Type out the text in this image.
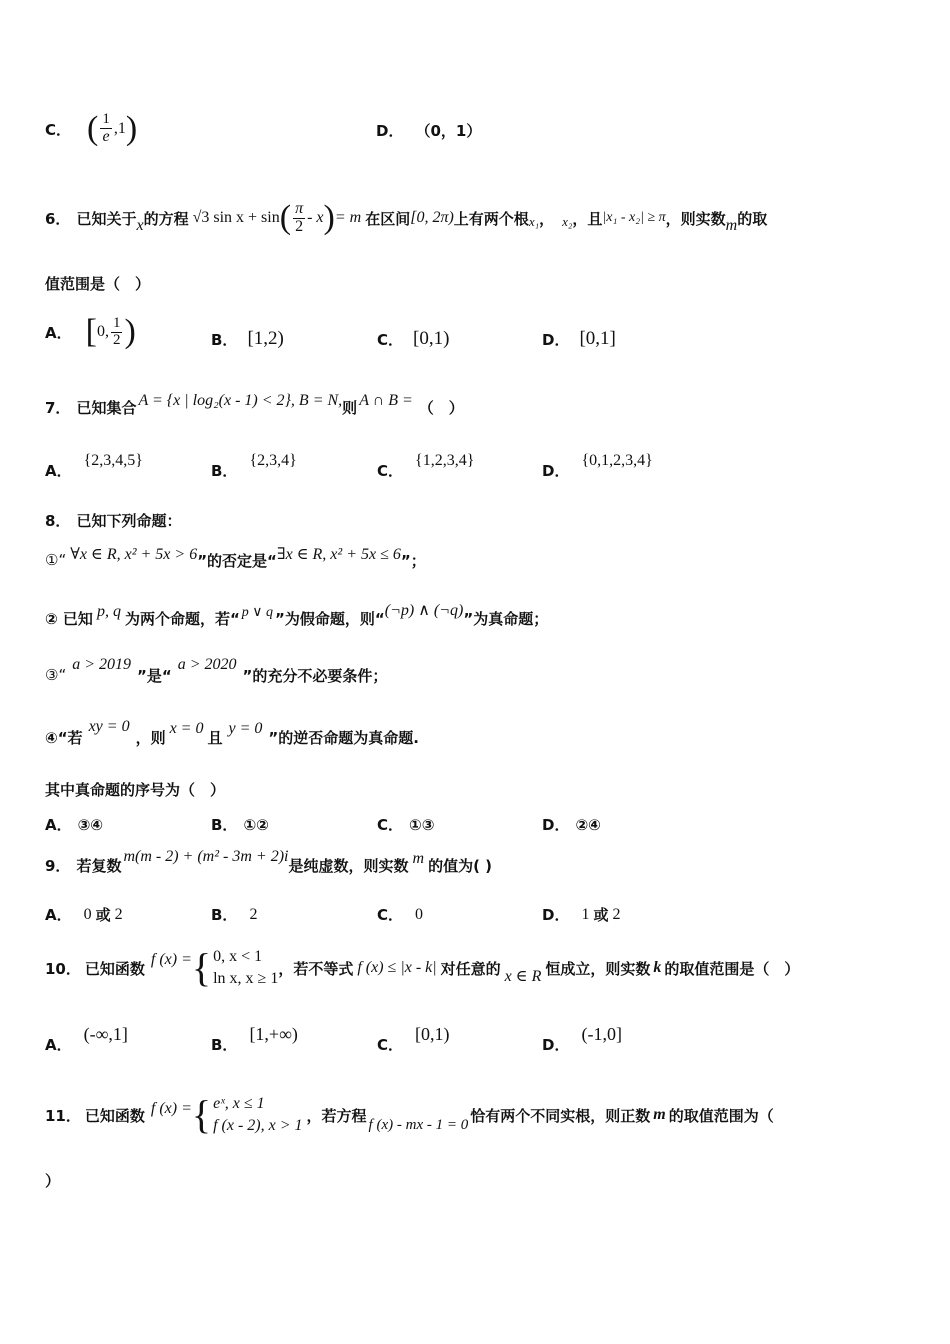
C． ( $\frac{1}{e} ,1$ )	D． （0，1）
6． 已知关于 x 的方程 √3 sin x + sin ( $\frac{\pi}{2}$ - x ) = m 在区间 [0, 2π) 上有两个根 x₁ ， x₂ ，且 |x₁ - x₂| ≥ π ，则实数 m 的取
值范围是（　）
A． [ 0, $\frac{1}{2}$ )	B． [1,2)	C． [0,1)	D． [0,1]
7． 已知集合 A = {x | log₂(x - 1) < 2}, B = N, 则 A ∩ B = （　）
A．
{2,3,4,5}
B．
{2,3,4}
C．
{1,2,3,4}
D．
{0,1,2,3,4}
8． 已知下列命题：
①“ ∀x ∈ R, x² + 5x > 6 ”的否定是“ ∃x ∈ R, x² + 5x ≤ 6 ”；
② 已知 p, q 为两个命题，若“ p ∨ q ”为假命题，则“ (¬p) ∧ (¬q) ”为真命题；
③“
a > 2019
”是“
a > 2020
”的充分不必要条件；
④“若
xy = 0
，则 x = 0 且 y = 0 ”的逆否命题为真命题.
其中真命题的序号为（　）
A． ③④	B． ①②	C． ①③	D． ②④
9． 若复数 m(m - 2) + (m² - 3m + 2)i 是纯虚数，则实数 m 的值为( )
A． 0 或 2	B． 2	C． 0	D． 1 或 2
10． 已知函数 f (x) = { 0, x < 1
ln x, x ≥ 1
，若不等式 f (x) ≤ |x - k| 对任意的 x ∈ R 恒成立，则实数 k 的取值范围是（　）
A．
(-∞,1]
B．
[1,+∞)
C．
[0,1)
D．
(-1,0]
11． 已知函数 f (x) = { eˣ, x ≤ 1
f (x - 2), x > 1
，若方程 f (x) - mx - 1 = 0 恰有两个不同实根，则正数 m 的取值范围为（
）
